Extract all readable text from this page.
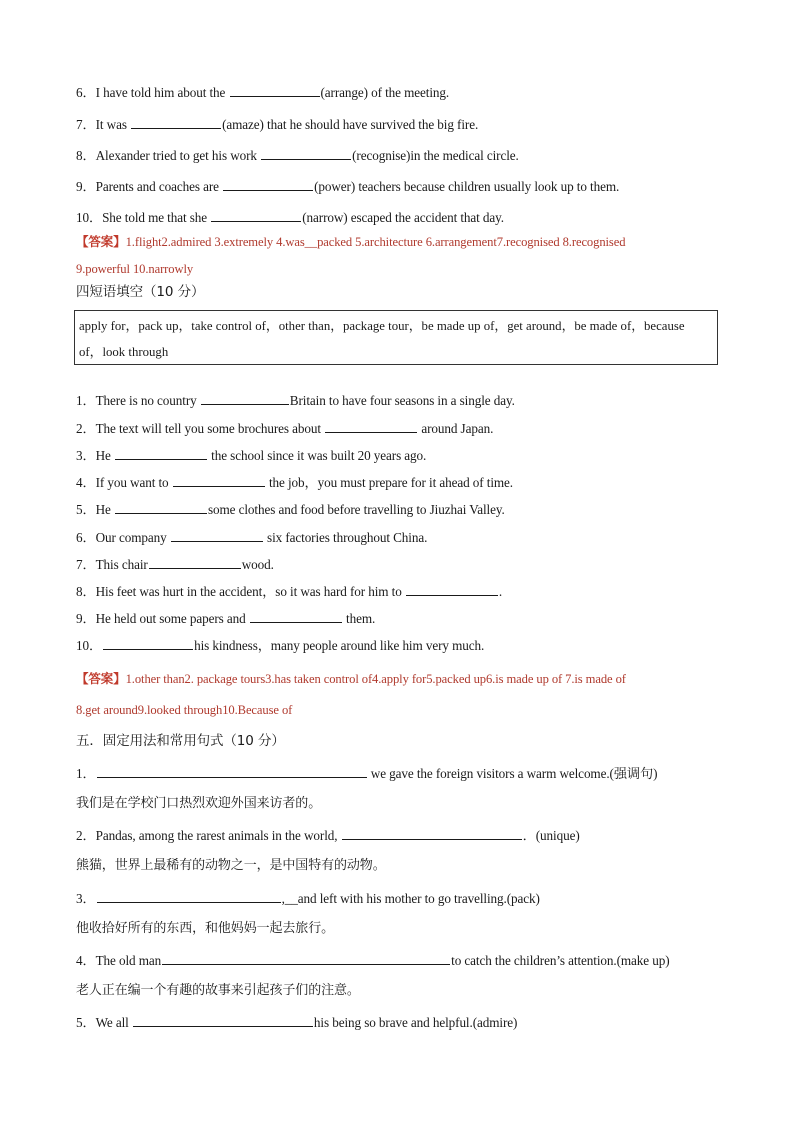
6．I have told him about the	(arrange) of the meeting.
7．It was	(amaze) that he should have survived the big fire.
8．Alexander tried to get his work	(recognise)in the medical circle.
9．Parents and coaches are	(power) teachers because children usually look up to them.
10．She told me that she	(narrow) escaped the accident that day.
【答案】1.flight2.admired 3.extremely 4.was__packed 5.architecture 6.arrangement7.recognised 8.recognised
9.powerful 10.narrowly
四短语填空（10 分）
apply for，pack up，take control of，other than，package tour，be made up of，get around，be made of，because
of，look through
1．There is no country	Britain to have four seasons in a single day.
2．The text will tell you some brochures about	around Japan.
3．He	the school since it was built 20 years ago.
4．If you want to	the job，you must prepare for it ahead of time.
5．He	some clothes and food before travelling to Jiuzhai Valley.
6．Our company	six factories throughout China.
7．This chair	wood.
8．His feet was hurt in the accident，so it was hard for him to	.
9．He held out some papers and	them.
10．	his kindness，many people around like him very much.
【答案】1.other than2. package tours3.has taken control of4.apply for5.packed up6.is made up of 7.is made of
8.get around9.looked through10.Because of
五．固定用法和常用句式（10 分）
1．	we gave the foreign visitors a warm welcome.(强调句)
我们是在学校门口热烈欢迎外国来访者的。
2．Pandas, among the rarest animals in the world,	．(unique)
熊猫，世界上最稀有的动物之一，是中国特有的动物。
3．	,__and left with his mother to go travelling.(pack)
他收拾好所有的东西，和他妈妈一起去旅行。
4．The old man	to catch the children’s attention.(make up)
老人正在编一个有趣的故事来引起孩子们的注意。
5．We all	his being so brave and helpful.(admire)
